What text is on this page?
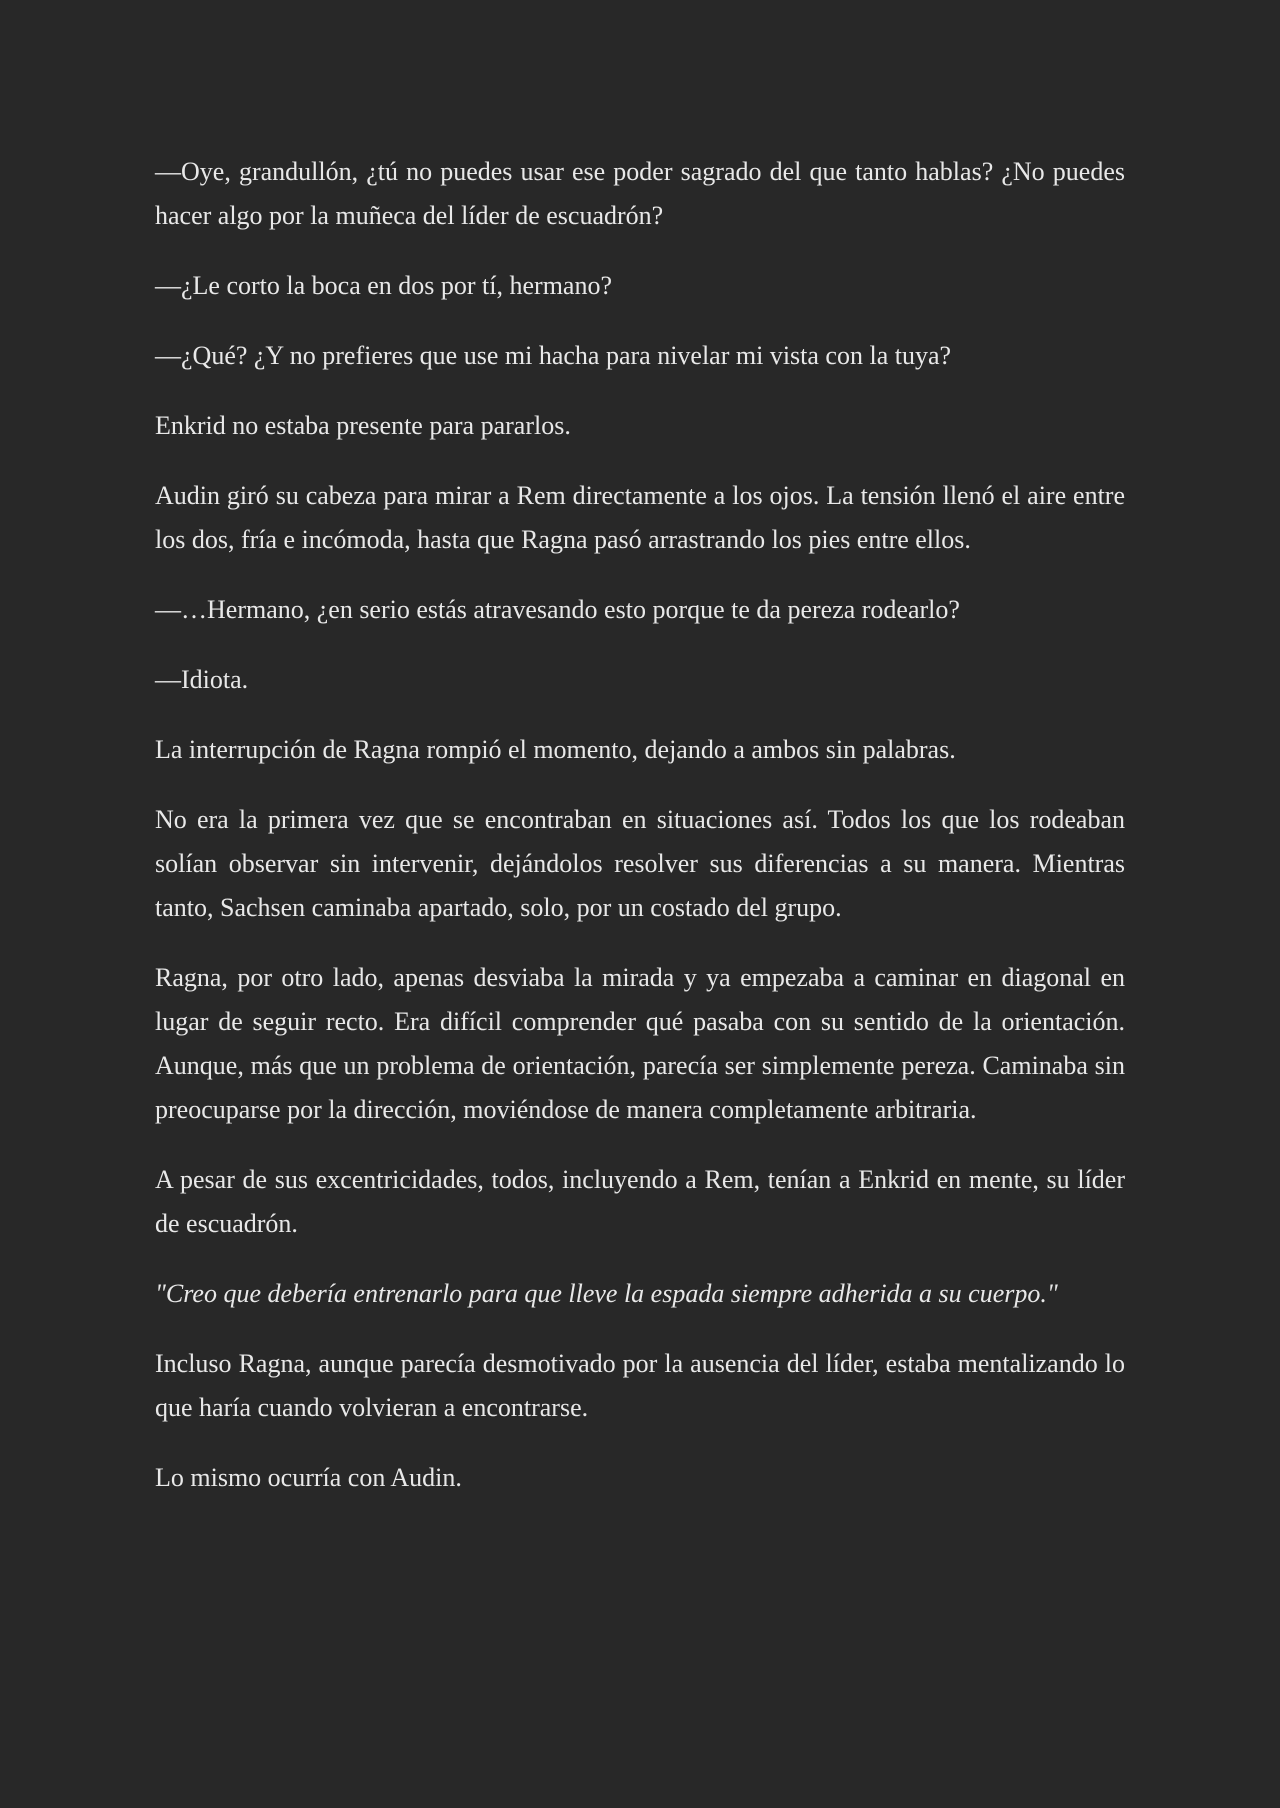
—Oye, grandullón, ¿tú no puedes usar ese poder sagrado del que tanto hablas? ¿No puedes hacer algo por la muñeca del líder de escuadrón?

—¿Le corto la boca en dos por tí, hermano?

—¿Qué? ¿Y no prefieres que use mi hacha para nivelar mi vista con la tuya?

Enkrid no estaba presente para pararlos.

Audin giró su cabeza para mirar a Rem directamente a los ojos. La tensión llenó el aire entre los dos, fría e incómoda, hasta que Ragna pasó arrastrando los pies entre ellos.

—…Hermano, ¿en serio estás atravesando esto porque te da pereza rodearlo?

—Idiota.

La interrupción de Ragna rompió el momento, dejando a ambos sin palabras.

No era la primera vez que se encontraban en situaciones así. Todos los que los rodeaban solían observar sin intervenir, dejándolos resolver sus diferencias a su manera. Mientras tanto, Sachsen caminaba apartado, solo, por un costado del grupo.

Ragna, por otro lado, apenas desviaba la mirada y ya empezaba a caminar en diagonal en lugar de seguir recto. Era difícil comprender qué pasaba con su sentido de la orientación. Aunque, más que un problema de orientación, parecía ser simplemente pereza. Caminaba sin preocuparse por la dirección, moviéndose de manera completamente arbitraria.

A pesar de sus excentricidades, todos, incluyendo a Rem, tenían a Enkrid en mente, su líder de escuadrón.

"Creo que debería entrenarlo para que lleve la espada siempre adherida a su cuerpo."

Incluso Ragna, aunque parecía desmotivado por la ausencia del líder, estaba mentalizando lo que haría cuando volvieran a encontrarse.

Lo mismo ocurría con Audin.
